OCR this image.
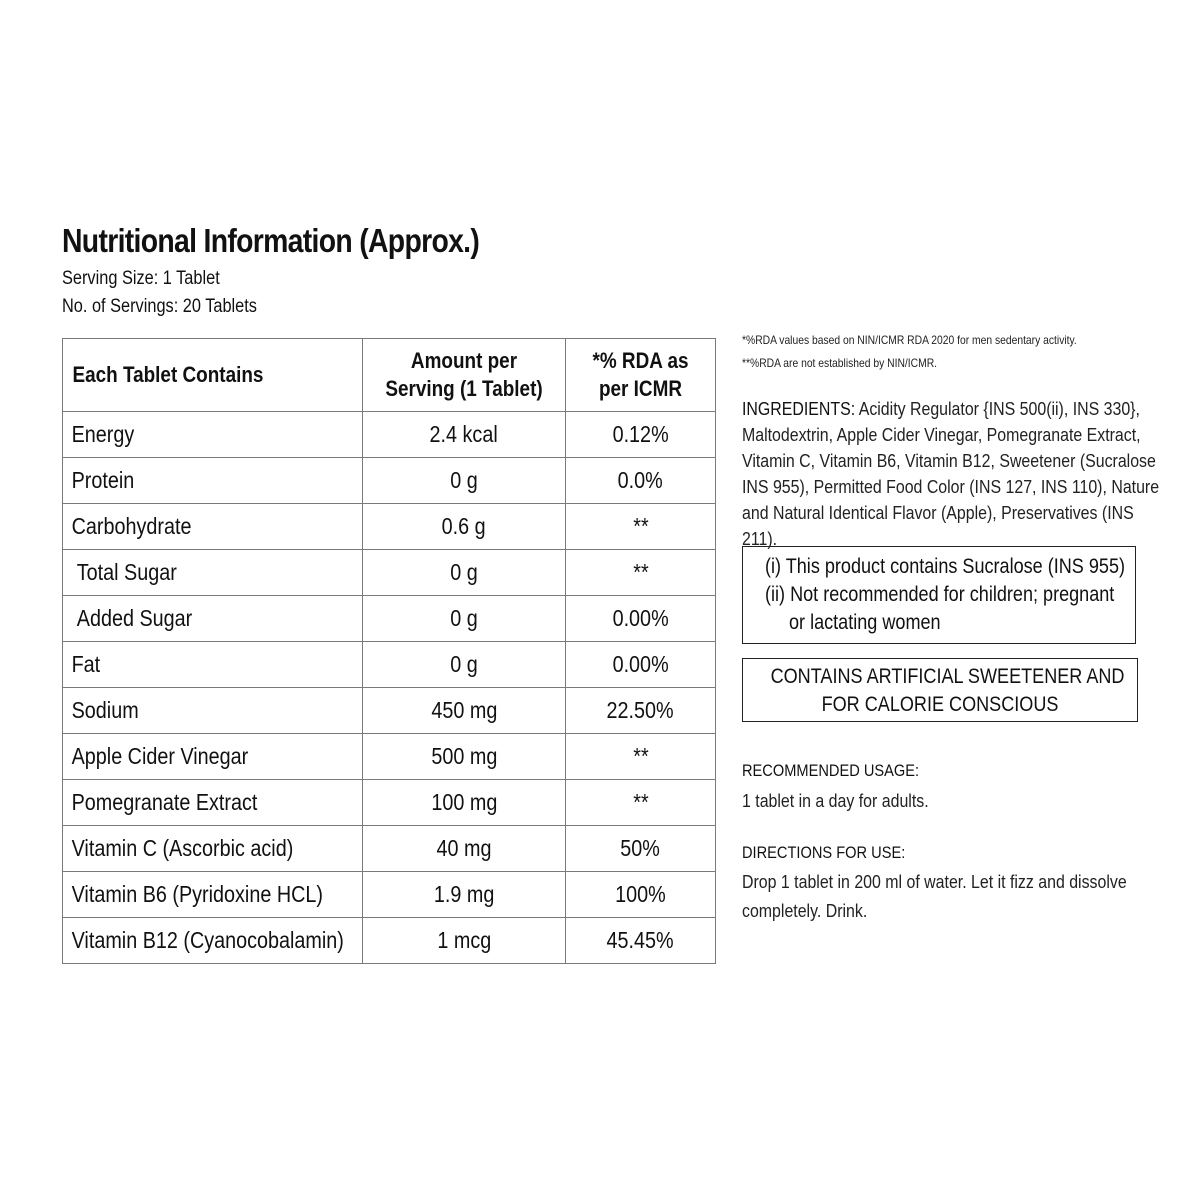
Nutritional Information (Approx.)
Serving Size: 1 Tablet
No. of Servings: 20 Tablets
Each Tablet Contains	Amount per Serving (1 Tablet)	*% RDA as per ICMR
Energy	2.4 kcal	0.12%
Protein	0 g	0.0%
Carbohydrate	0.6 g	**
Total Sugar	0 g	**
Added Sugar	0 g	0.00%
Fat	0 g	0.00%
Sodium	450 mg	22.50%
Apple Cider Vinegar	500 mg	**
Pomegranate Extract	100 mg	**
Vitamin C (Ascorbic acid)	40 mg	50%
Vitamin B6 (Pyridoxine HCL)	1.9 mg	100%
Vitamin B12 (Cyanocobalamin)	1 mcg	45.45%
*%RDA values based on NIN/ICMR RDA 2020 for men sedentary activity.
**%RDA are not established by NIN/ICMR.
INGREDIENTS: Acidity Regulator {INS 500(ii), INS 330}, Maltodextrin, Apple Cider Vinegar, Pomegranate Extract, Vitamin C, Vitamin B6, Vitamin B12, Sweetener (Sucralose INS 955), Permitted Food Color (INS 127, INS 110), Nature and Natural Identical Flavor (Apple), Preservatives (INS 211).
(i) This product contains Sucralose (INS 955)
(ii) Not recommended for children; pregnant
or lactating women
CONTAINS ARTIFICIAL SWEETENER AND
FOR CALORIE CONSCIOUS
RECOMMENDED USAGE:
1 tablet in a day for adults.
DIRECTIONS FOR USE:
Drop 1 tablet in 200 ml of water. Let it fizz and dissolve completely. Drink.
